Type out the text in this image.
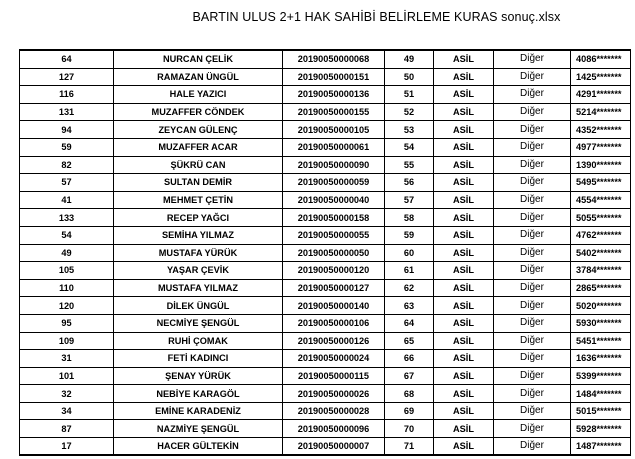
BARTIN ULUS 2+1 HAK SAHİBİ BELİRLEME KURAS sonuç.xlsx
64	NURCAN ÇELİK	20190050000068	49	ASİL	Diğer	4086*******
127	RAMAZAN ÜNGÜL	20190050000151	50	ASİL	Diğer	1425*******
116	HALE YAZICI	20190050000136	51	ASİL	Diğer	4291*******
131	MUZAFFER CÖNDEK	20190050000155	52	ASİL	Diğer	5214*******
94	ZEYCAN GÜLENÇ	20190050000105	53	ASİL	Diğer	4352*******
59	MUZAFFER ACAR	20190050000061	54	ASİL	Diğer	4977*******
82	ŞÜKRÜ CAN	20190050000090	55	ASİL	Diğer	1390*******
57	SULTAN DEMİR	20190050000059	56	ASİL	Diğer	5495*******
41	MEHMET ÇETİN	20190050000040	57	ASİL	Diğer	4554*******
133	RECEP YAĞCI	20190050000158	58	ASİL	Diğer	5055*******
54	SEMİHA YILMAZ	20190050000055	59	ASİL	Diğer	4762*******
49	MUSTAFA YÜRÜK	20190050000050	60	ASİL	Diğer	5402*******
105	YAŞAR ÇEVİK	20190050000120	61	ASİL	Diğer	3784*******
110	MUSTAFA YILMAZ	20190050000127	62	ASİL	Diğer	2865*******
120	DİLEK ÜNGÜL	20190050000140	63	ASİL	Diğer	5020*******
95	NECMİYE ŞENGÜL	20190050000106	64	ASİL	Diğer	5930*******
109	RUHİ ÇOMAK	20190050000126	65	ASİL	Diğer	5451*******
31	FETİ KADINCI	20190050000024	66	ASİL	Diğer	1636*******
101	ŞENAY YÜRÜK	20190050000115	67	ASİL	Diğer	5399*******
32	NEBİYE KARAGÖL	20190050000026	68	ASİL	Diğer	1484*******
34	EMİNE KARADENİZ	20190050000028	69	ASİL	Diğer	5015*******
87	NAZMİYE ŞENGÜL	20190050000096	70	ASİL	Diğer	5928*******
17	HACER GÜLTEKİN	20190050000007	71	ASİL	Diğer	1487*******
